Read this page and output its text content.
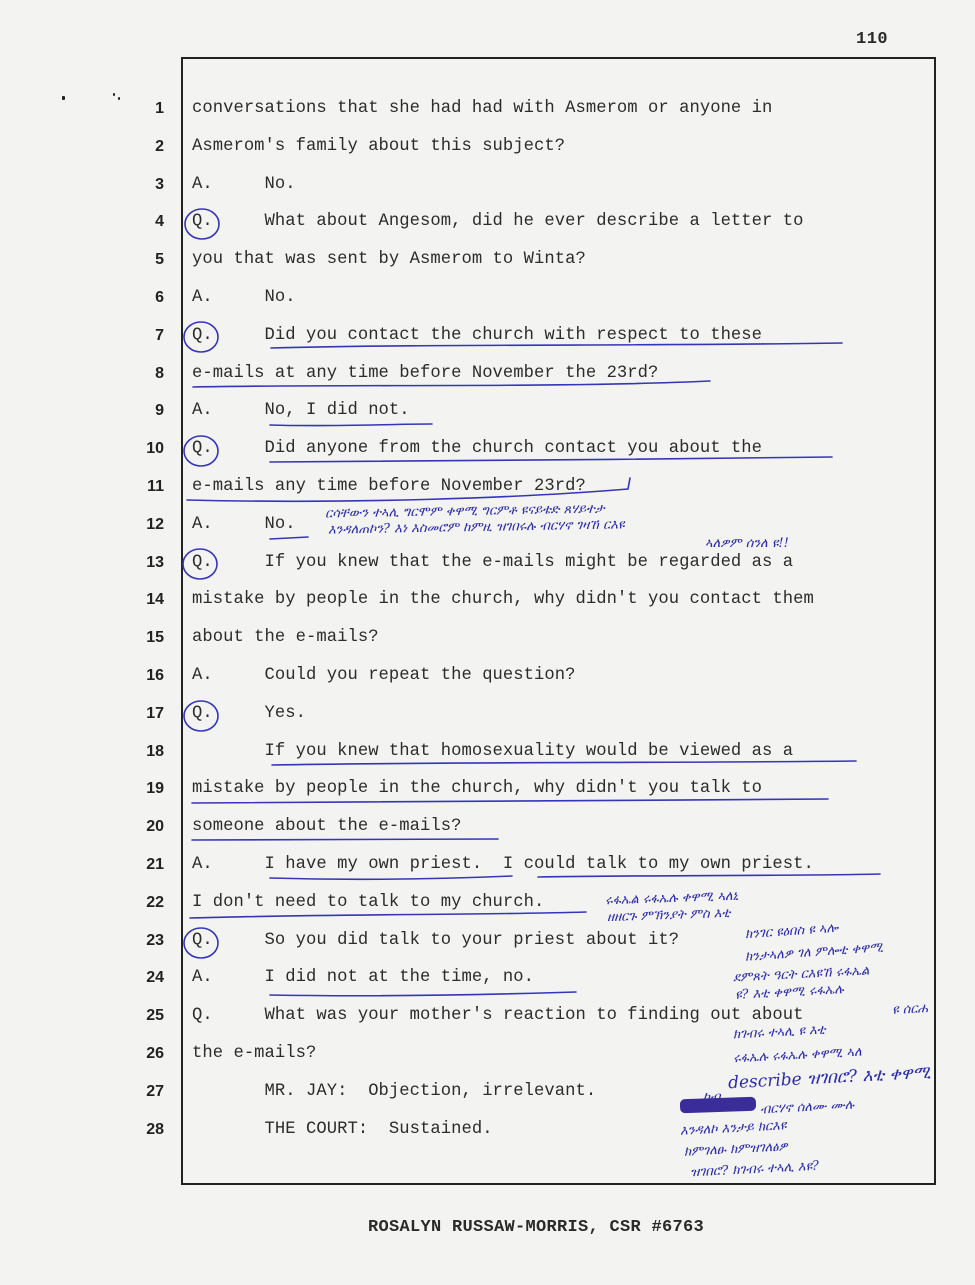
110
1 conversations that she had had with Asmerom or anyone in
2 Asmerom's family about this subject?
3 A.     No.
4 Q.     What about Angesom, did he ever describe a letter to
5 you that was sent by Asmerom to Winta?
6 A.     No.
7 Q.     Did you contact the church with respect to these
8 e-mails at any time before November the 23rd?
9 A.     No, I did not.
10 Q.     Did anyone from the church contact you about the
11 e-mails any time before November 23rd?
12 A.     No.
13 Q.     If you knew that the e-mails might be regarded as a
14 mistake by people in the church, why didn't you contact them
15 about the e-mails?
16 A.     Could you repeat the question?
17 Q.     Yes.
18 If you knew that homosexuality would be viewed as a
19 mistake by people in the church, why didn't you talk to
20 someone about the e-mails?
21 A.     I have my own priest.  I could talk to my own priest.
22 I don't need to talk to my church.
23 Q.     So you did talk to your priest about it?
24 A.     I did not at the time, no.
25 Q.     What was your mother's reaction to finding out about
26 the e-mails?
27 MR. JAY:  Objection, irrelevant.
28 THE COURT:  Sustained.
ርሳቸውን ተኣሊ ግርሞም ቀዋሚ ግርምቶ ዩናይቴድ ጸሃይተታ
እንዳለጠኮን? እነ እስመሮም ከምዚ ዝገበሩሉ ብርሃኖ ገዛኸ ርእዩ
ኣለዎም ሰንለ ዩ!!
ሩፋኤል ሩፋኤሉ ቀዋሚ ኣለኒ
ዘዘርጉ ምኽንያት ምስ እቲ
ክንገር ዩዕበስ ዩ ኣሎ
ክንታኣለዎ ገለ ምሎቲ ቀዋሚ
ደምጸት ዓርት ርእዩኸ ሩፋኤል
ዩ? እቲ ቀዋሚ ሩፋኤሉ
ዩ ሰርሐ
ክገብሩ ተኣሊ ዩ እቲ
ሩፋኤሉ ሩፋኤሉ ቀዋሚ ኣለ
describe ዝገበሮ? እቲ ቀዋሚ
ብርሃኖ ሰለሙ ሙሉ
እንዳለኮ እንታይ ክርእዩ
ክምገለፁ ክምዝገለፅዎ
ዝገበሮ? ክገብሩ ተኣሊ እዩ?
ROSALYN RUSSAW-MORRIS, CSR #6763
